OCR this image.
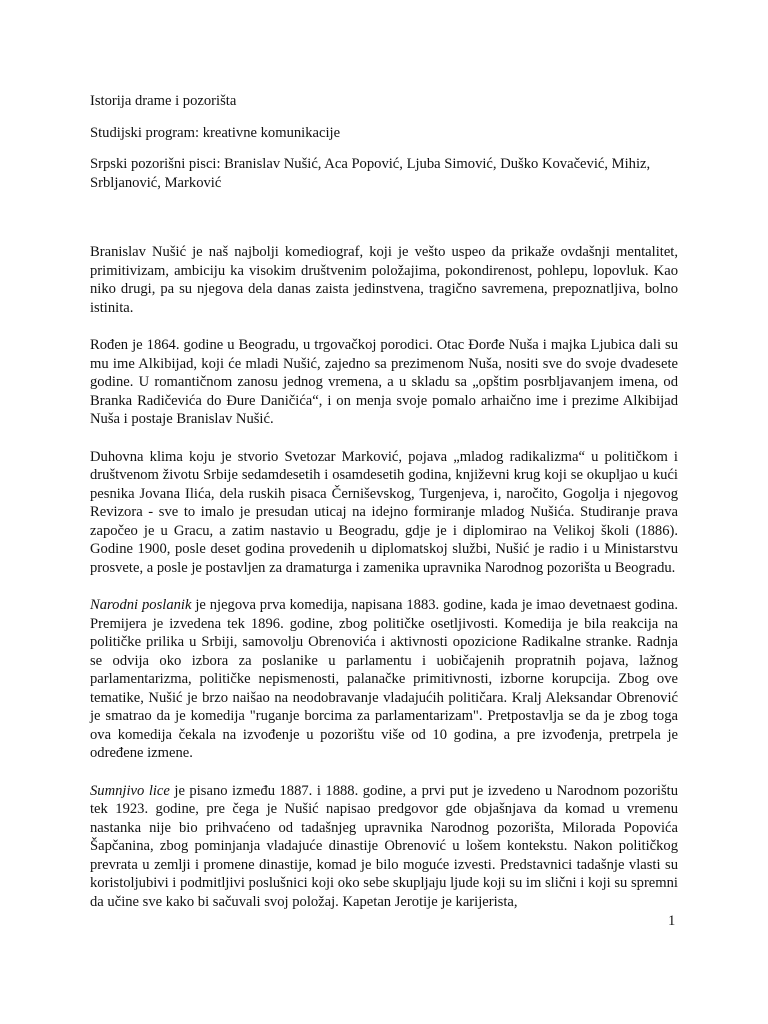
Istorija drame i pozorišta

Studijski program: kreativne komunikacije

Srpski pozorišni pisci: Branislav Nušić, Aca Popović, Ljuba Simović, Duško Kovačević, Mihiz, Srbljanović, Marković

Branislav Nušić je naš najbolji komediograf, koji je vešto uspeo da prikaže ovdašnji mentalitet, primitivizam, ambiciju ka visokim društvenim položajima, pokondirenost, pohlepu, lopovluk. Kao niko drugi, pa su njegova dela danas zaista jedinstvena, tragično savremena, prepoznatljiva, bolno istinita.

Rođen je 1864. godine u Beogradu, u trgovačkoj porodici. Otac Đorđe Nuša i majka Ljubica dali su mu ime Alkibijad, koji će mladi Nušić, zajedno sa prezimenom Nuša, nositi sve do svoje dvadesete godine. U romantičnom zanosu jednog vremena, a u skladu sa „opštim posrbljavanjem imena, od Branka Radičevića do Đure Daničića“, i on menja svoje pomalo arhaično ime i prezime Alkibijad Nuša i postaje Branislav Nušić.

Duhovna klima koju je stvorio Svetozar Marković, pojava „mladog radikalizma“ u političkom i društvenom životu Srbije sedamdesetih i osamdesetih godina, književni krug koji se okupljao u kući pesnika Jovana Ilića, dela ruskih pisaca Černiševskog, Turgenjeva, i, naročito, Gogolja i njegovog Revizora - sve to imalo je presudan uticaj na idejno formiranje mladog Nušića. Studiranje prava započeo je u Gracu, a zatim nastavio u Beogradu, gdje je i diplomirao na Velikoj školi (1886). Godine 1900, posle deset godina provedenih u diplomatskoj službi, Nušić je radio i u Ministarstvu prosvete, a posle je postavljen za dramaturga i zamenika upravnika Narodnog pozorišta u Beogradu.

Narodni poslanik je njegova prva komedija, napisana 1883. godine, kada je imao devetnaest godina. Premijera je izvedena tek 1896. godine, zbog političke osetljivosti. Komedija je bila reakcija na političke prilika u Srbiji, samovolju Obrenovića i aktivnosti opozicione Radikalne stranke. Radnja se odvija oko izbora za poslanike u parlamentu i uobičajenih propratnih pojava, lažnog parlamentarizma, političke nepismenosti, palanačke primitivnosti, izborne korupcija. Zbog ove tematike, Nušić je brzo naišao na neodobravanje vladajućih političara. Kralj Aleksandar Obrenović je smatrao da je komedija "ruganje borcima za parlamentarizam". Pretpostavlja se da je zbog toga ova komedija čekala na izvođenje u pozorištu više od 10 godina, a pre izvođenja, pretrpela je određene izmene.

Sumnjivo lice je pisano između 1887. i 1888. godine, a prvi put je izvedeno u Narodnom pozorištu tek 1923. godine, pre čega je Nušić napisao predgovor gde objašnjava da komad u vremenu nastanka nije bio prihvaćeno od tadašnjeg upravnika Narodnog pozorišta, Milorada Popovića Šapčanina, zbog pominjanja vladajuće dinastije Obrenović u lošem kontekstu. Nakon političkog prevrata u zemlji i promene dinastije, komad je bilo moguće izvesti. Predstavnici tadašnje vlasti su koristoljubivi i podmitljivi poslušnici koji oko sebe skupljaju ljude koji su im slični i koji su spremni da učine sve kako bi sačuvali svoj položaj. Kapetan Jerotije je karijerista,

1
